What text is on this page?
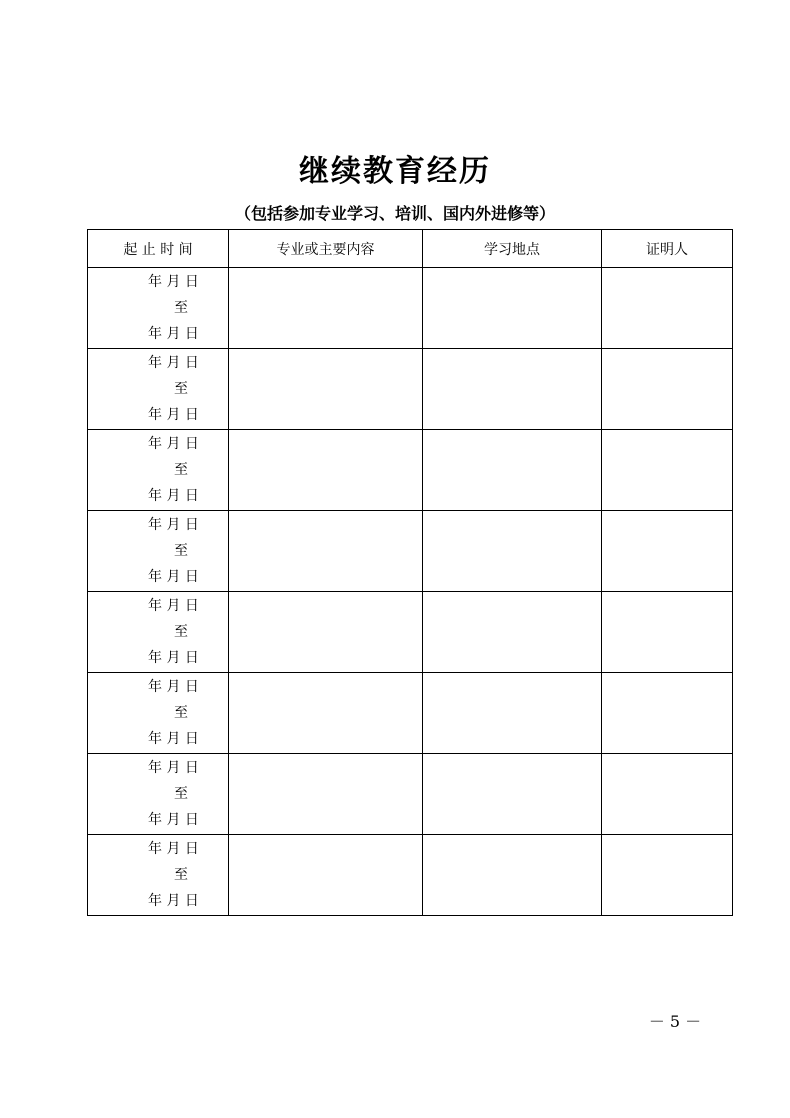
继续教育经历
（包括参加专业学习、培训、国内外进修等）
起 止 时 间	专业或主要内容	学习地点	证明人

年 月 日
至
年 月 日			

年 月 日
至
年 月 日			

年 月 日
至
年 月 日			

年 月 日
至
年 月 日			

年 月 日
至
年 月 日			

年 月 日
至
年 月 日			

年 月 日
至
年 月 日			

年 月 日
至
年 月 日			

－ 5 －
